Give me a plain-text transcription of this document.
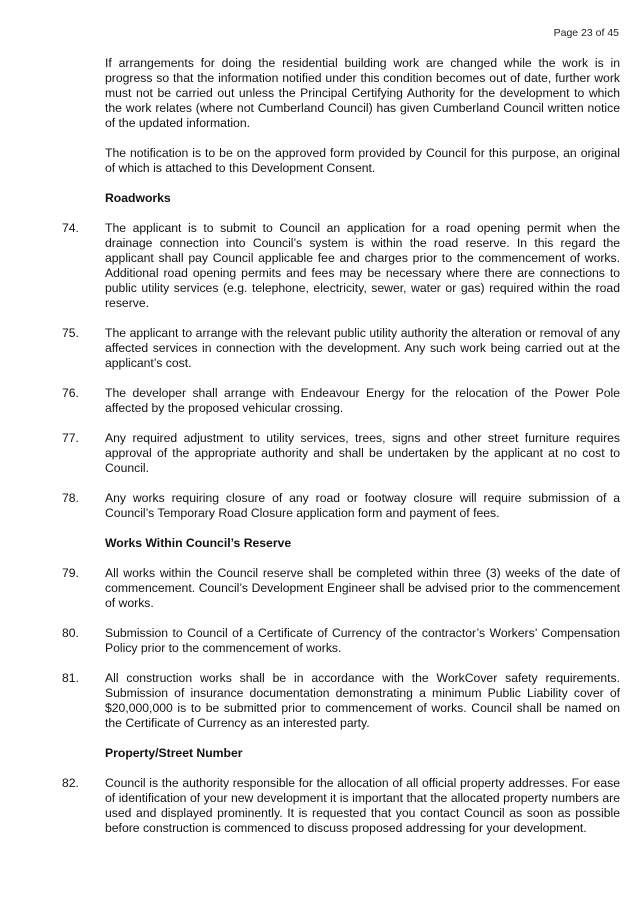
Page 23 of 45

If arrangements for doing the residential building work are changed while the work is in progress so that the information notified under this condition becomes out of date, further work must not be carried out unless the Principal Certifying Authority for the development to which the work relates (where not Cumberland Council) has given Cumberland Council written notice of the updated information.

The notification is to be on the approved form provided by Council for this purpose, an original of which is attached to this Development Consent.

Roadworks
74.	The applicant is to submit to Council an application for a road opening permit when the drainage connection into Council’s system is within the road reserve. In this regard the applicant shall pay Council applicable fee and charges prior to the commencement of works. Additional road opening permits and fees may be necessary where there are connections to public utility services (e.g. telephone, electricity, sewer, water or gas) required within the road reserve.
75.	The applicant to arrange with the relevant public utility authority the alteration or removal of any affected services in connection with the development. Any such work being carried out at the applicant’s cost.
76.	The developer shall arrange with Endeavour Energy for the relocation of the Power Pole affected by the proposed vehicular crossing.
77.	Any required adjustment to utility services, trees, signs and other street furniture requires approval of the appropriate authority and shall be undertaken by the applicant at no cost to Council.
78.	Any works requiring closure of any road or footway closure will require submission of a Council’s Temporary Road Closure application form and payment of fees.
Works Within Council’s Reserve
79.	All works within the Council reserve shall be completed within three (3) weeks of the date of commencement. Council’s Development Engineer shall be advised prior to the commencement of works.
80.	Submission to Council of a Certificate of Currency of the contractor’s Workers’ Compensation Policy prior to the commencement of works.
81.	All construction works shall be in accordance with the WorkCover safety requirements. Submission of insurance documentation demonstrating a minimum Public Liability cover of $20,000,000 is to be submitted prior to commencement of works. Council shall be named on the Certificate of Currency as an interested party.
Property/Street Number
82.	Council is the authority responsible for the allocation of all official property addresses. For ease of identification of your new development it is important that the allocated property numbers are used and displayed prominently. It is requested that you contact Council as soon as possible before construction is commenced to discuss proposed addressing for your development.
